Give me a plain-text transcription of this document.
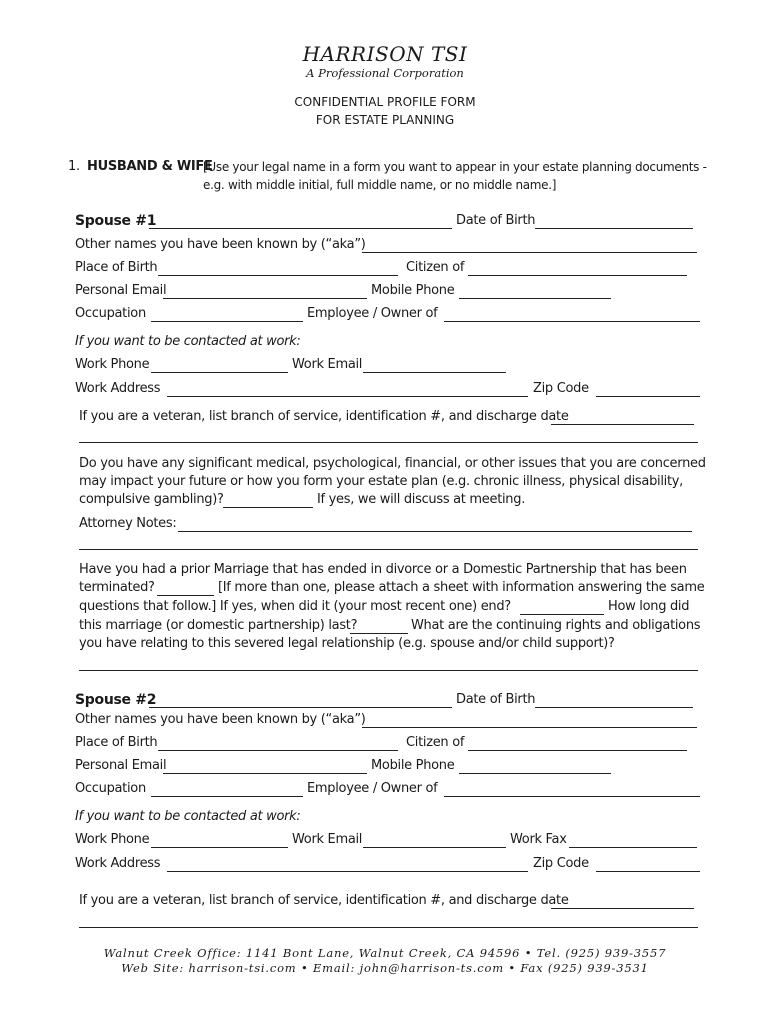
HARRISON TSI
A Professional Corporation
CONFIDENTIAL PROFILE FORM
FOR ESTATE PLANNING
1. HUSBAND & WIFE
[Use your legal name in a form you want to appear in your estate planning documents -
e.g. with middle initial, full middle name, or no middle name.]
Spouse #1	Date of Birth
Other names you have been known by (“aka”)
Place of Birth	Citizen of
Personal Email	Mobile Phone
Occupation	Employee / Owner of
If you want to be contacted at work:
Work Phone	Work Email
Work Address	Zip Code
If you are a veteran, list branch of service, identification #, and discharge date
Do you have any significant medical, psychological, financial, or other issues that you are concerned
may impact your future or how you form your estate plan (e.g. chronic illness, physical disability,
compulsive gambling)?	If yes, we will discuss at meeting.
Attorney Notes:
Have you had a prior Marriage that has ended in divorce or a Domestic Partnership that has been
terminated?	[If more than one, please attach a sheet with information answering the same
questions that follow.] If yes, when did it (your most recent one) end?	How long did
this marriage (or domestic partnership) last?	What are the continuing rights and obligations
you have relating to this severed legal relationship (e.g. spouse and/or child support)?
Spouse #2	Date of Birth
Other names you have been known by (“aka”)
Place of Birth	Citizen of
Personal Email	Mobile Phone
Occupation	Employee / Owner of
If you want to be contacted at work:
Work Phone	Work Email	Work Fax
Work Address	Zip Code
If you are a veteran, list branch of service, identification #, and discharge date
Walnut Creek Office: 1141 Bont Lane, Walnut Creek, CA 94596 • Tel. (925) 939-3557
Web Site: harrison-tsi.com • Email: john@harrison-ts.com • Fax (925) 939-3531
